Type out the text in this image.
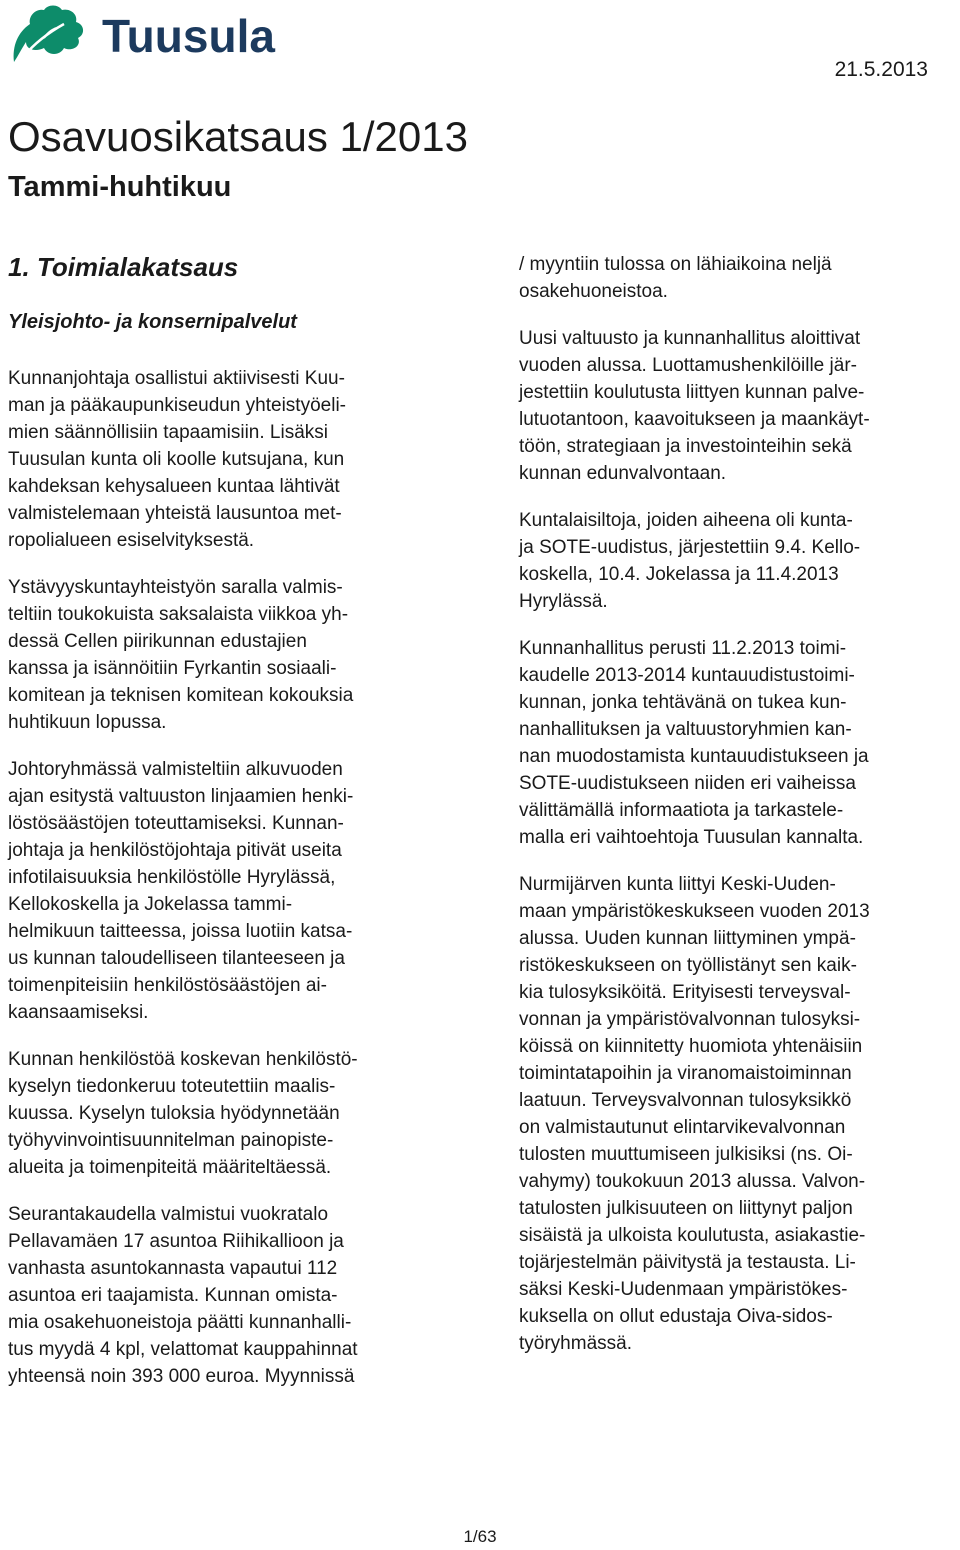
Tuusula
21.5.2013
Osavuosikatsaus 1/2013
Tammi-huhtikuu
1. Toimialakatsaus
Yleisjohto- ja konsernipalvelut

Kunnanjohtaja osallistui aktiivisesti Kuu-
man ja pääkaupunkiseudun yhteistyöeli-
mien säännöllisiin tapaamisiin. Lisäksi
Tuusulan kunta oli koolle kutsujana, kun
kahdeksan kehysalueen kuntaa lähtivät
valmistelemaan yhteistä lausuntoa met-
ropolialueen esiselvityksestä.

Ystävyyskuntayhteistyön saralla valmis-
teltiin toukokuista saksalaista viikkoa yh-
dessä Cellen piirikunnan edustajien
kanssa ja isännöitiin Fyrkantin sosiaali-
komitean ja teknisen komitean kokouksia
huhtikuun lopussa.

Johtoryhmässä valmisteltiin alkuvuoden
ajan esitystä valtuuston linjaamien henki-
löstösäästöjen toteuttamiseksi. Kunnan-
johtaja ja henkilöstöjohtaja pitivät useita
infotilaisuuksia henkilöstölle Hyrylässä,
Kellokoskella ja Jokelassa tammi-
helmikuun taitteessa, joissa luotiin katsa-
us kunnan taloudelliseen tilanteeseen ja
toimenpiteisiin henkilöstösäästöjen ai-
kaansaamiseksi.

Kunnan henkilöstöä koskevan henkilöstö-
kyselyn tiedonkeruu toteutettiin maalis-
kuussa. Kyselyn tuloksia hyödynnetään
työhyvinvointisuunnitelman painopiste-
alueita ja toimenpiteitä määriteltäessä.

Seurantakaudella valmistui vuokratalo
Pellavamäen 17 asuntoa Riihikallioon ja
vanhasta asuntokannasta vapautui 112
asuntoa eri taajamista. Kunnan omista-
mia osakehuoneistoja päätti kunnanhalli-
tus myydä 4 kpl, velattomat kauppahinnat
yhteensä noin 393 000 euroa. Myynnissä

/ myyntiin tulossa on lähiaikoina neljä
osakehuoneistoa.

Uusi valtuusto ja kunnanhallitus aloittivat
vuoden alussa. Luottamushenkilöille jär-
jestettiin koulutusta liittyen kunnan palve-
lutuotantoon, kaavoitukseen ja maankäyt-
töön, strategiaan ja investointeihin sekä
kunnan edunvalvontaan.

Kuntalaisiltoja, joiden aiheena oli kunta-
ja SOTE-uudistus, järjestettiin 9.4. Kello-
koskella, 10.4. Jokelassa ja 11.4.2013
Hyrylässä.

Kunnanhallitus perusti 11.2.2013 toimi-
kaudelle 2013-2014 kuntauudistustoimi-
kunnan, jonka tehtävänä on tukea kun-
nanhallituksen ja valtuustoryhmien kan-
nan muodostamista kuntauudistukseen ja
SOTE-uudistukseen niiden eri vaiheissa
välittämällä informaatiota ja tarkastele-
malla eri vaihtoehtoja Tuusulan kannalta.

Nurmijärven kunta liittyi Keski-Uuden-
maan ympäristökeskukseen vuoden 2013
alussa. Uuden kunnan liittyminen ympä-
ristökeskukseen on työllistänyt sen kaik-
kia tulosyksiköitä. Erityisesti terveysval-
vonnan ja ympäristövalvonnan tulosyksi-
köissä on kiinnitetty huomiota yhtenäisiin
toimintatapoihin ja viranomaistoiminnan
laatuun. Terveysvalvonnan tulosyksikkö
on valmistautunut elintarvikevalvonnan
tulosten muuttumiseen julkisiksi (ns. Oi-
vahymy) toukokuun 2013 alussa. Valvon-
tatulosten julkisuuteen on liittynyt paljon
sisäistä ja ulkoista koulutusta, asiakastie-
tojärjestelmän päivitystä ja testausta. Li-
säksi Keski-Uudenmaan ympäristökes-
kuksella on ollut edustaja Oiva-sidos-
työryhmässä.

1/63
